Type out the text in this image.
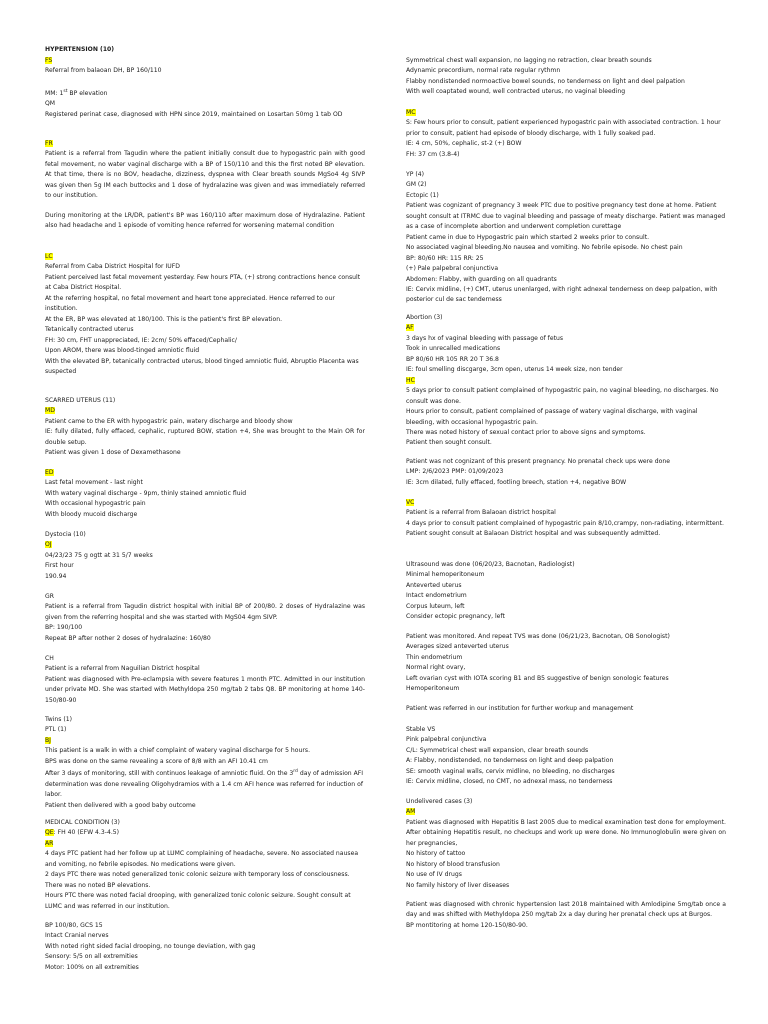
HYPERTENSION (10)

FS

Referral from balaoan DH, BP 160/110

MM: 1st BP elevation

QM

Registered perinat case, diagnosed with HPN since 2019, maintained on Losartan 50mg 1 tab OD

FR

Patient is a referral from Tagudin where the patient initially consult due to hypogastric pain with good fetal movement, no water vaginal discharge with a BP of 150/110 and this the first noted BP elevation. At that time, there is no BOV, headache, dizziness, dyspnea with Clear breath sounds MgSo4 4g SIVP was given then 5g IM each buttocks and 1 dose of hydralazine was given and was immediately referred to our institution.

During monitoring at the LR/DR, patient's BP was 160/110 after maximum dose of Hydralazine. Patient also had headache and 1 episode of vomiting hence referred for worsening maternal condition

LC

Referral from Caba District Hospital for IUFD

Patient perceived last fetal movement yesterday. Few hours PTA, (+) strong contractions hence consult at Caba District Hospital.

At the referring hospital, no fetal movement and heart tone appreciated. Hence referred to our institution.

At the ER, BP was elevated at 180/100. This is the patient's first BP elevation.

Tetanically contracted uterus

FH: 30 cm, FHT unappreciated, IE: 2cm/ 50% effaced/Cephalic/

Upon AROM, there was blood-tinged amniotic fluid

With the elevated BP, tetanically contracted uterus, blood tinged amniotic fluid, Abruptio Placenta was suspected

SCARRED UTERUS (11)

MD

Patient came to the ER with hypogastric pain, watery discharge and bloody show

IE: fully dilated, fully effaced, cephalic, ruptured BOW, station +4, She was brought to the Main OR for double setup.

Patient was given 1 dose of Dexamethasone

ED

Last fetal movement - last night

With watery vaginal discharge - 9pm, thinly stained amniotic fluid

With occasional hypogastric pain

With bloody mucoid discharge

Dystocia (10)

OJ

04/23/23 75 g ogtt at 31 5/7 weeks

First hour

190.94

GR

Patient is a referral from Tagudin district hospital with initial BP of 200/80. 2 doses of Hydralazine was given from the referring hospital and she was started with MgS04 4gm SIVP.

BP: 190/100

Repeat BP after nother 2 doses of hydralazine: 160/80

CH

Patient is a referral from Naguilian District hospital

Patient was diagnosed with Pre-eclampsia with severe features 1 month PTC. Admitted in our institution under private MD. She was started with Methyldopa 250 mg/tab 2 tabs Q8. BP monitoring at home 140-150/80-90

Twins (1)

PTL (1)

BJ

This patient is a walk in with a chief complaint of watery vaginal discharge for 5 hours.

BPS was done on the same revealing a score of 8/8 with an AFI 10.41 cm

After 3 days of monitoring, still with continuos leakage of amniotic fluid. On the 3rd day of admission AFI determination was done revealing Oligohydramios with a 1.4 cm AFI hence was referred for induction of labor.

Patient then delivered with a good baby outcome

MEDICAL CONDITION (3)

QE: FH 40 (EFW 4.3-4.5)

AR

4 days PTC patient had her follow up at LUMC complaining of headache, severe. No associated nausea and vomiting, no febrile episodes. No medications were given.

2 days PTC there was noted generalized tonic colonic seizure with temporary loss of consciousness. There was no noted BP elevations.

Hours PTC there was noted facial drooping, with generalized tonic colonic seizure. Sought consult at LUMC and was referred in our institution.

BP 100/80, GCS 15

Intact Cranial nerves

With noted right sided facial drooping, no tounge deviation, with gag

Sensory: 5/5 on all extremities

Motor: 100% on all extremities

Symmetrical chest wall expansion, no lagging no retraction, clear breath sounds

Adynamic precordium, normal rate regular rythmn

Flabby nondistended normoactive bowel sounds, no tenderness on light and deel palpation

With well coaptated wound, well contracted uterus, no vaginal bleeding

MC

S: Few hours prior to consult, patient experienced hypogastric pain with associated contraction. 1 hour prior to consult, patient had episode of bloody discharge, with 1 fully soaked pad.

IE: 4 cm, 50%, cephalic, st-2 (+) BOW

FH: 37 cm (3.8-4)

YP (4)

GM (2)

Ectopic (1)

Patient was cognizant of pregnancy 3 week PTC due to positive pregnancy test done at home. Patient sought consult at ITRMC due to vaginal bleeding and passage of meaty discharge. Patient was managed as a case of incomplete abortion and underwent completion curettage

Patient came in due to Hypogastric pain which started 2 weeks prior to consult.

No associated vaginal bleeding.No nausea and vomiting. No febrile episode. No chest pain

BP: 80/60 HR: 115 RR: 25

(+) Pale palpebral conjunctiva

Abdomen: Flabby, with guarding on all quadrants

IE: Cervix midline, (+) CMT, uterus unenlarged, with right adnexal tenderness on deep palpation, with posterior cul de sac tenderness

Abortion (3)

AF

3 days hx of vaginal bleeding with passage of fetus

Took in unrecalled medications

BP 80/60 HR 105 RR 20 T 36.8

IE: foul smelling discgarge, 3cm open, uterus 14 week size, non tender

HC

5 days prior to consult patient complained of hypogastric pain, no vaginal bleeding, no discharges. No consult was done.

Hours prior to consult, patient complained of passage of watery vaginal discharge, with vaginal bleeding, with occasional hypogastric pain.

There was noted history of sexual contact prior to above signs and symptoms.

Patient then sought consult.

Patient was not cognizant of this present pregnancy. No prenatal check ups were done

LMP: 2/6/2023 PMP: 01/09/2023

IE: 3cm dilated, fully effaced, footling breech, station +4, negative BOW

VC

Patient is a referral from Balaoan district hospital

4 days prior to consult patient complained of hypogastric pain 8/10,crampy, non-radiating, intermittent. Patient sought consult at Balaoan District hospital and was subsequently admitted.

Ultrasound was done (06/20/23, Bacnotan, Radiologist)

Minimal hemoperitoneum

Anteverted uterus

Intact endometrium

Corpus luteum, left

Consider ectopic pregnancy, left

Patient was monitored. And repeat TVS was done (06/21/23, Bacnotan, OB Sonologist)

Averages sized anteverted uterus

Thin endometrium

Normal right ovary,

Left ovarian cyst with IOTA scoring B1 and B5 suggestive of benign sonologic features

Hemoperitoneum

Patient was referred in our institution for further workup and management

Stable VS

Pink palpebral conjunctiva

C/L: Symmetrical chest wall expansion, clear breath sounds

A: Flabby, nondistended, no tenderness on light and deep palpation

SE: smooth vaginal walls, cervix midline, no bleeding, no discharges

IE: Cervix midline, closed, no CMT, no adnexal mass, no tenderness

Undelivered cases (3)

AM

Patient was diagnosed with Hepatitis B last 2005 due to medical examination test done for employment. After obtaining Hepatitis result, no checkups and work up were done. No Immunoglobulin were given on her pregnancies,

No history of tattoo

No history of blood transfusion

No use of IV drugs

No family history of liver diseases

Patient was diagnosed with chronic hypertension last 2018 maintained with Amlodipine 5mg/tab once a day and was shifted with Methyldopa 250 mg/tab 2x a day during her prenatal check ups at Burgos.

BP montitoring at home 120-150/80-90.
